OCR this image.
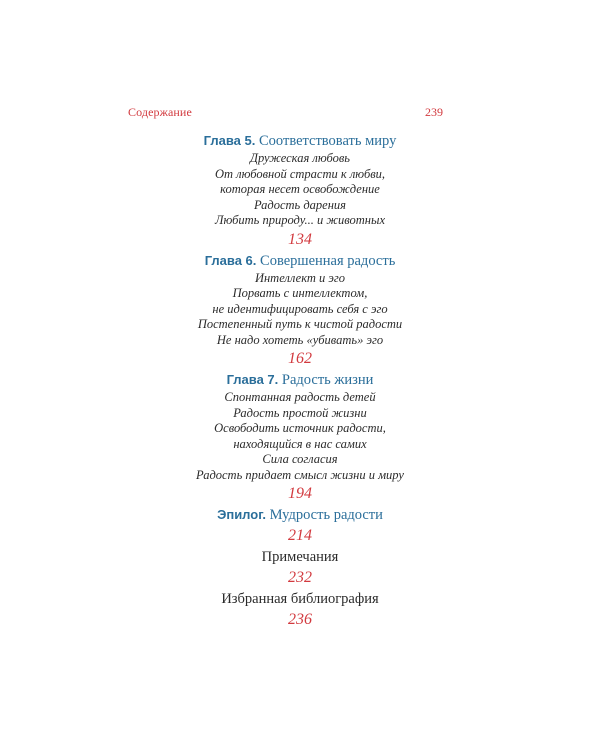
Содержание	239
Глава 5. Соответствовать миру
Дружеская любовь
От любовной страсти к любви,
которая несет освобождение
Радость дарения
Любить природу... и животных
134
Глава 6. Совершенная радость
Интеллект и эго
Порвать с интеллектом,
не идентифицировать себя с эго
Постепенный путь к чистой радости
Не надо хотеть «убивать» эго
162
Глава 7. Радость жизни
Спонтанная радость детей
Радость простой жизни
Освободить источник радости,
находящийся в нас самих
Сила согласия
Радость придает смысл жизни и миру
194
Эпилог. Мудрость радости
214
Примечания
232
Избранная библиография
236
